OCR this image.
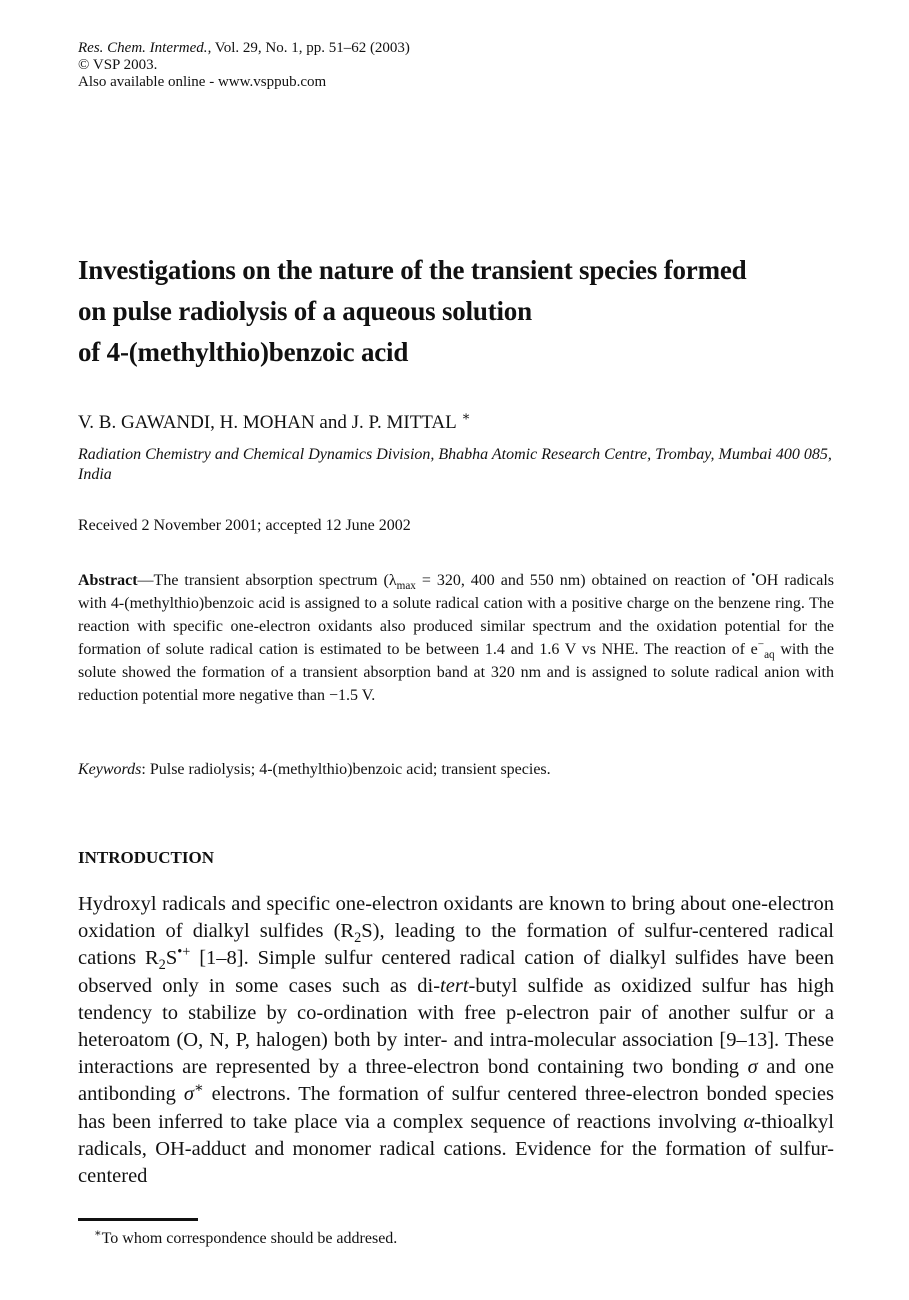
Res. Chem. Intermed., Vol. 29, No. 1, pp. 51–62 (2003)
© VSP 2003.
Also available online - www.vsppub.com
Investigations on the nature of the transient species formed
on pulse radiolysis of a aqueous solution
of 4-(methylthio)benzoic acid
V. B. GAWANDI, H. MOHAN and J. P. MITTAL ∗
Radiation Chemistry and Chemical Dynamics Division, Bhabha Atomic Research Centre, Trombay, Mumbai 400 085, India
Received 2 November 2001; accepted 12 June 2002
Abstract—The transient absorption spectrum ($\lambda_{max} = 320$, 400 and 550 nm) obtained on reaction of •OH radicals with 4-(methylthio)benzoic acid is assigned to a solute radical cation with a positive charge on the benzene ring. The reaction with specific one-electron oxidants also produced similar spectrum and the oxidation potential for the formation of solute radical cation is estimated to be between 1.4 and 1.6 V vs NHE. The reaction of $e^-_{aq}$ with the solute showed the formation of a transient absorption band at 320 nm and is assigned to solute radical anion with reduction potential more negative than −1.5 V.
Keywords: Pulse radiolysis; 4-(methylthio)benzoic acid; transient species.
INTRODUCTION
Hydroxyl radicals and specific one-electron oxidants are known to bring about one-electron oxidation of dialkyl sulfides $(R_2S)$, leading to the formation of sulfur-centered radical cations $R_2S^{•+}$ [1–8]. Simple sulfur centered radical cation of dialkyl sulfides have been observed only in some cases such as di-tert-butyl sulfide as oxidized sulfur has high tendency to stabilize by co-ordination with free p-electron pair of another sulfur or a heteroatom (O, N, P, halogen) both by inter- and intra-molecular association [9–13]. These interactions are represented by a three-electron bond containing two bonding σ and one antibonding σ∗ electrons. The formation of sulfur centered three-electron bonded species has been inferred to take place via a complex sequence of reactions involving α-thioalkyl radicals, OH-adduct and monomer radical cations. Evidence for the formation of sulfur-centered
∗To whom correspondence should be addresed.
